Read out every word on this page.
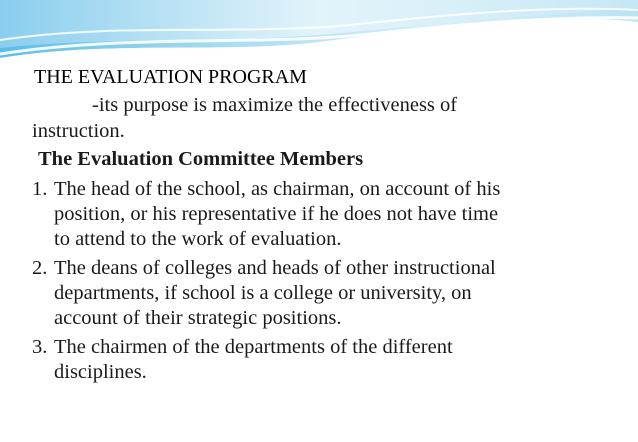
THE EVALUATION PROGRAM

-its purpose is maximize the effectiveness of

instruction.

The Evaluation Committee Members

1. The head of the school, as chairman, on account of his
position, or his representative if he does not have time
to attend to the work of evaluation.
2. The deans of colleges and heads of other instructional
departments, if school is a college or university, on
account of their strategic positions.
3. The chairmen of the departments of the different
disciplines.
